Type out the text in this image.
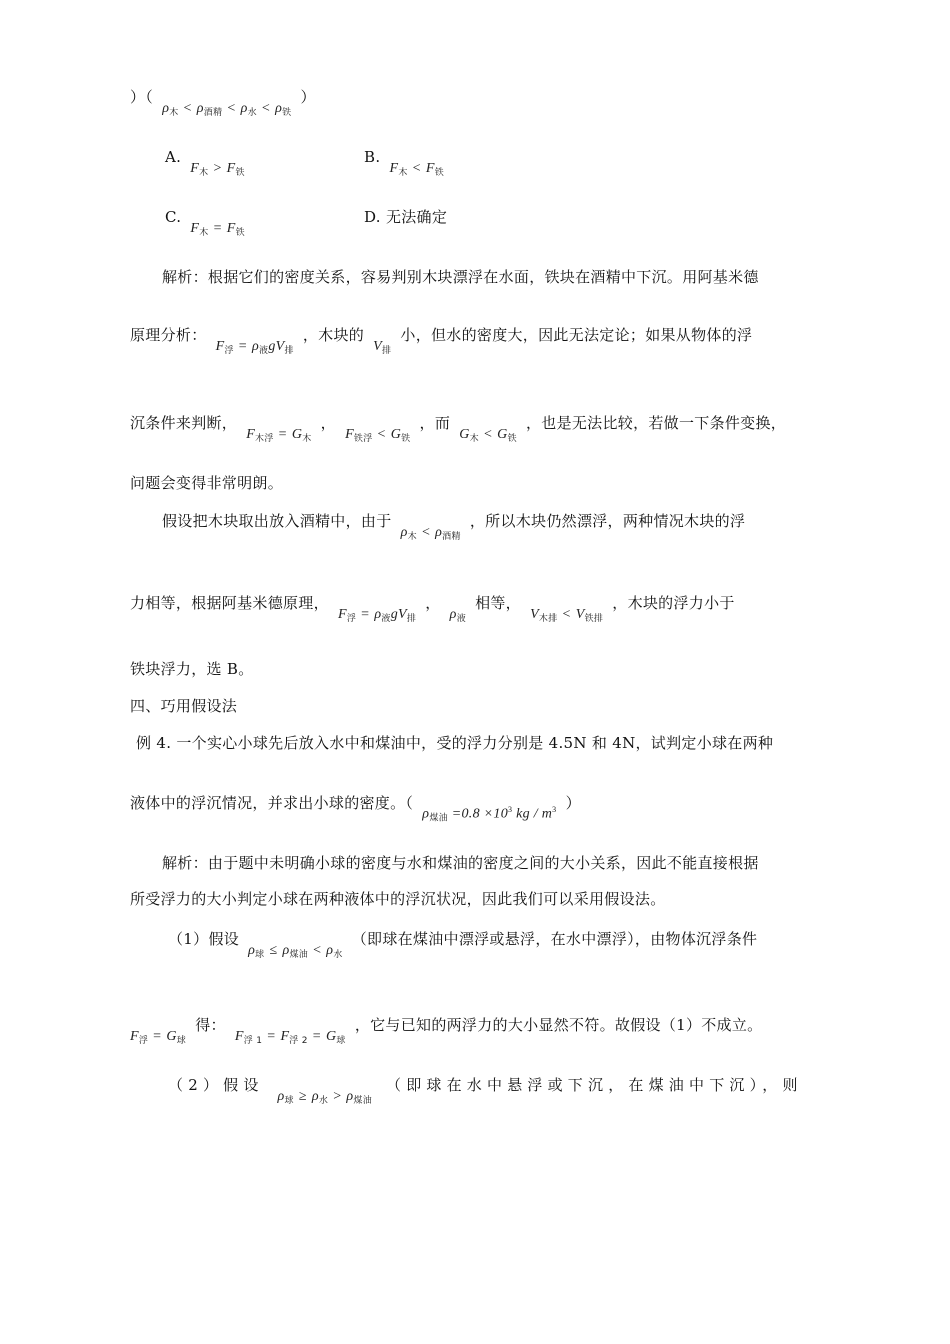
）（ $\rho_木 < \rho_{酒精} < \rho_水 < \rho_铁$ ）
A. $F_木 > F_铁$
B. $F_木 < F_铁$
C. $F_木 = F_铁$
D. 无法确定
解析：根据它们的密度关系，容易判别木块漂浮在水面，铁块在酒精中下沉。用阿基米德
原理分析： $F_浮 = \rho_液gV_排$ ，木块的 $V_排$ 小，但水的密度大，因此无法定论；如果从物体的浮
沉条件来判断， $F_{木浮} = G_木$ ， $F_{铁浮} < G_铁$ ，而 $G_木 < G_铁$ ，也是无法比较，若做一下条件变换，
问题会变得非常明朗。
假设把木块取出放入酒精中，由于 $\rho_木 < \rho_{酒精}$ ，所以木块仍然漂浮，两种情况木块的浮
力相等，根据阿基米德原理， $F_浮 = \rho_液gV_排$ ， $\rho_液$ 相等， $V_{木排} < V_{铁排}$ ，木块的浮力小于
铁块浮力，选 B。
四、巧用假设法
例 4. 一个实心小球先后放入水中和煤油中，受的浮力分别是 4.5N 和 4N，试判定小球在两种
液体中的浮沉情况，并求出小球的密度。（ $\rho_{煤油} =0.8 \times 10^3$ kg / $m^3$ ）
解析：由于题中未明确小球的密度与水和煤油的密度之间的大小关系，因此不能直接根据
所受浮力的大小判定小球在两种液体中的浮沉状况，因此我们可以采用假设法。
（1）假设 $\rho_球 \le \rho_{煤油} < \rho_水$ （即球在煤油中漂浮或悬浮，在水中漂浮），由物体沉浮条件
$F_浮 = G_球$ 得： $F_{浮 1} = F_{浮 2} = G_球$ ，它与已知的两浮力的大小显然不符。故假设（1）不成立。
（2）假设 $\rho_球 \ge \rho_水 > \rho_{煤油}$ （即球在水中悬浮或下沉，在煤油中下沉），则
